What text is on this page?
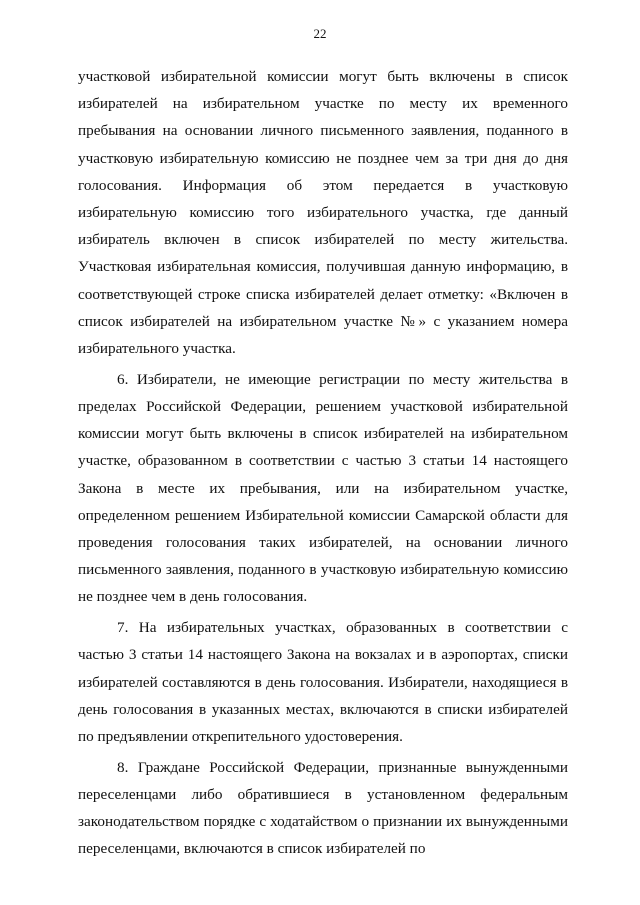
22

участковой избирательной комиссии могут быть включены в список избирателей на избирательном участке по месту их временного пребывания на основании личного письменного заявления, поданного в участковую избирательную комиссию не позднее чем за три дня до дня голосования. Информация об этом передается в участковую избирательную комиссию того избирательного участка, где данный избиратель включен в список избирателей по месту жительства. Участковая избирательная комиссия, получившая данную информацию, в соответствующей строке списка избирателей делает отметку: «Включен в список избирателей на избирательном участке №» с указанием номера избирательного участка.

6. Избиратели, не имеющие регистрации по месту жительства в пределах Российской Федерации, решением участковой избирательной комиссии могут быть включены в список избирателей на избирательном участке, образованном в соответствии с частью 3 статьи 14 настоящего Закона в месте их пребывания, или на избирательном участке, определенном решением Избирательной комиссии Самарской области для проведения голосования таких избирателей, на основании личного письменного заявления, поданного в участковую избирательную комиссию не позднее чем в день голосования.

7. На избирательных участках, образованных в соответствии с частью 3 статьи 14 настоящего Закона на вокзалах и в аэропортах, списки избирателей составляются в день голосования. Избиратели, находящиеся в день голосования в указанных местах, включаются в списки избирателей по предъявлении открепительного удостоверения.

8. Граждане Российской Федерации, признанные вынужденными переселенцами либо обратившиеся в установленном федеральным законодательством порядке с ходатайством о признании их вынужденными переселенцами, включаются в список избирателей по
